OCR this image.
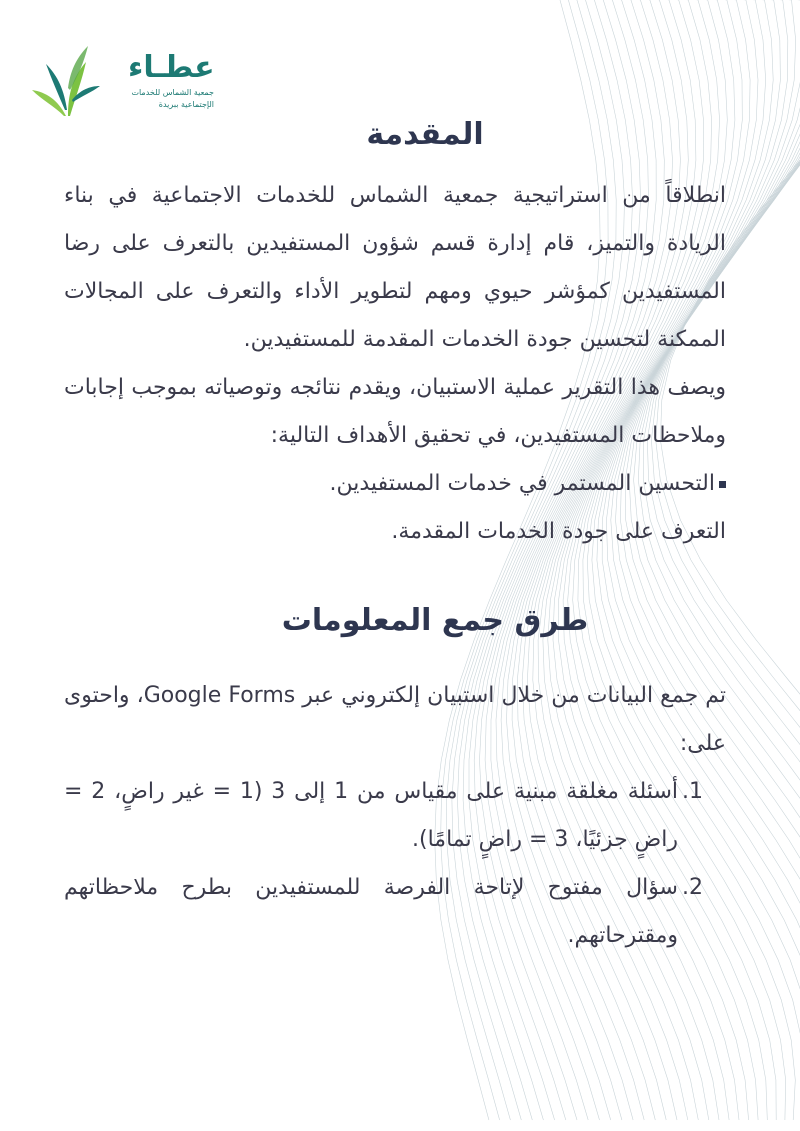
عطـاء
جمعية الشماس للخدمات
الإجتماعية ببريدة
المقدمة

انطلاقاً من استراتيجية جمعية الشماس للخدمات الاجتماعية في بناء الريادة والتميز، قام إدارة قسم شؤون المستفيدين بالتعرف على رضا المستفيدين كمؤشر حيوي ومهم لتطوير الأداء والتعرف على المجالات الممكنة لتحسين جودة الخدمات المقدمة للمستفيدين.

ويصف هذا التقرير عملية الاستبيان، ويقدم نتائجه وتوصياته بموجب إجابات وملاحظات المستفيدين، في تحقيق الأهداف التالية:

التحسين المستمر في خدمات المستفيدين.
التعرف على جودة الخدمات المقدمة.
طرق جمع المعلومات

تم جمع البيانات من خلال استبيان إلكتروني عبر Google Forms، واحتوى على:

1.
أسئلة مغلقة مبنية على مقياس من 1 إلى 3 (1 = غير راضٍ، 2 = راضٍ جزئيًا، 3 = راضٍ تمامًا).
2.
سؤال مفتوح لإتاحة الفرصة للمستفيدين بطرح ملاحظاتهم ومقترحاتهم.
